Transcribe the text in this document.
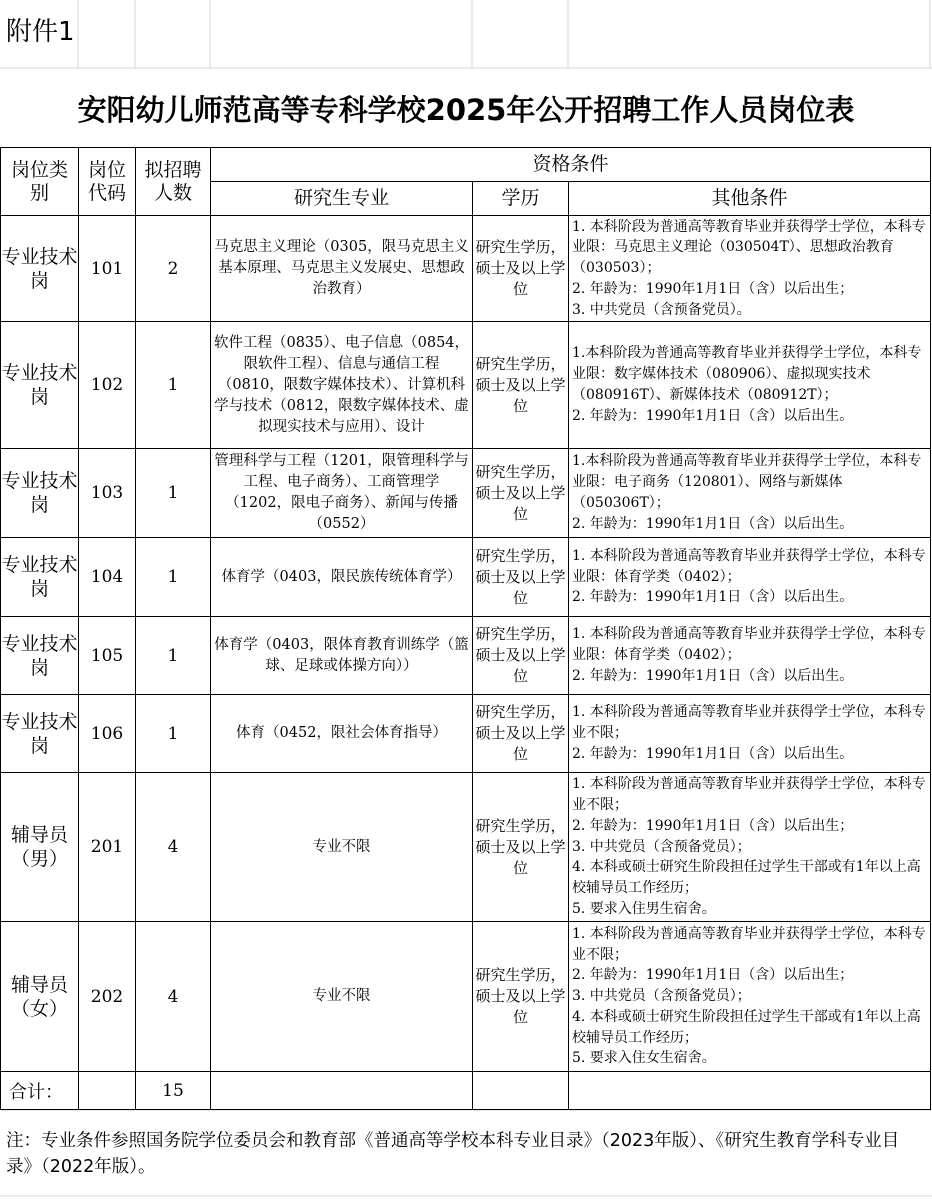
附件1
安阳幼儿师范高等专科学校2025年公开招聘工作人员岗位表
岗位类别	岗位代码	拟招聘人数	资格条件		
			研究生专业	学历	其他条件
专业技术岗	101	2	马克思主义理论（0305，限马克思主义基本原理、马克思主义发展史、思想政治教育）	研究生学历，硕士及以上学位	1. 本科阶段为普通高等教育毕业并获得学士学位，本科专业限：马克思主义理论（030504T）、思想政治教育（030503）；
2. 年龄为：1990年1月1日（含）以后出生；
3. 中共党员（含预备党员）。

专业技术岗	102	1	软件工程（0835）、电子信息（0854，限软件工程）、信息与通信工程（0810，限数字媒体技术）、计算机科学与技术（0812，限数字媒体技术、虚拟现实技术与应用）、设计	研究生学历，硕士及以上学位	1.本科阶段为普通高等教育毕业并获得学士学位，本科专业限：数字媒体技术（080906）、虚拟现实技术（080916T）、新媒体技术（080912T）；
2. 年龄为：1990年1月1日（含）以后出生。

专业技术岗	103	1	管理科学与工程（1201，限管理科学与工程、电子商务）、工商管理学（1202，限电子商务）、新闻与传播（0552）	研究生学历，硕士及以上学位	1.本科阶段为普通高等教育毕业并获得学士学位，本科专业限：电子商务（120801）、网络与新媒体（050306T）；
2. 年龄为：1990年1月1日（含）以后出生。

专业技术岗	104	1	体育学（0403，限民族传统体育学）	研究生学历，硕士及以上学位	1. 本科阶段为普通高等教育毕业并获得学士学位，本科专业限：体育学类（0402）；
2. 年龄为：1990年1月1日（含）以后出生。

专业技术岗	105	1	体育学（0403，限体育教育训练学（篮球、足球或体操方向））	研究生学历，硕士及以上学位	1. 本科阶段为普通高等教育毕业并获得学士学位，本科专业限：体育学类（0402）；
2. 年龄为：1990年1月1日（含）以后出生。

专业技术岗	106	1	体育（0452，限社会体育指导）	研究生学历，硕士及以上学位	1. 本科阶段为普通高等教育毕业并获得学士学位，本科专业不限；
2. 年龄为：1990年1月1日（含）以后出生。

辅导员（男）	201	4	专业不限	研究生学历，硕士及以上学位	1. 本科阶段为普通高等教育毕业并获得学士学位，本科专业不限；
2. 年龄为：1990年1月1日（含）以后出生；
3. 中共党员（含预备党员）；
4. 本科或硕士研究生阶段担任过学生干部或有1年以上高校辅导员工作经历；
5. 要求入住男生宿舍。

辅导员（女）	202	4	专业不限	研究生学历，硕士及以上学位	1. 本科阶段为普通高等教育毕业并获得学士学位，本科专业不限；
2. 年龄为：1990年1月1日（含）以后出生；
3. 中共党员（含预备党员）；
4. 本科或硕士研究生阶段担任过学生干部或有1年以上高校辅导员工作经历；
5. 要求入住女生宿舍。

合计：		15			
注：专业条件参照国务院学位委员会和教育部《普通高等学校本科专业目录》（2023年版）、《研究生教育学科专业目录》（2022年版）。
